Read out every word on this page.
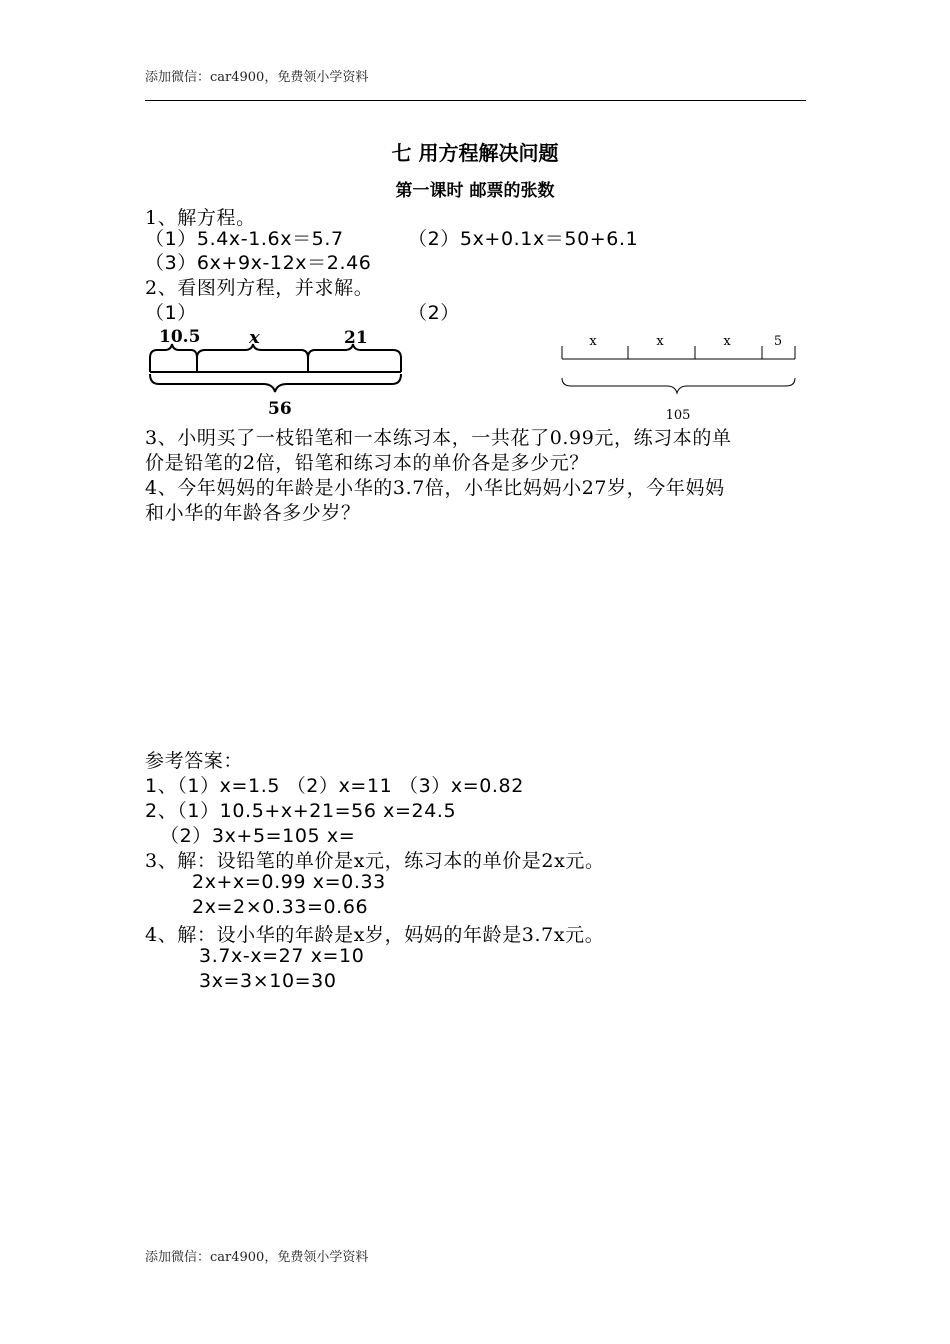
添加微信：car4900，免费领小学资料
七 用方程解决问题
第一课时 邮票的张数
1、解方程。
（1）5.4x-1.6x＝5.7	（2）5x+0.1x＝50+6.1
（3）6x+9x-12x＝2.46
2、看图列方程，并求解。
（1）	（2）
10.5	x	21
56
x	x	x	5
105
3、小明买了一枝铅笔和一本练习本，一共花了0.99元，练习本的单
价是铅笔的2倍，铅笔和练习本的单价各是多少元？
4、今年妈妈的年龄是小华的3.7倍，小华比妈妈小27岁，今年妈妈
和小华的年龄各多少岁？
参考答案：
1、（1）x=1.5 （2）x=11 （3）x=0.82
2、（1）10.5+x+21=56 x=24.5
（2）3x+5=105 x=
3、解：设铅笔的单价是x元，练习本的单价是2x元。
2x+x=0.99 x=0.33
2x=2×0.33=0.66
4、解：设小华的年龄是x岁，妈妈的年龄是3.7x元。
3.7x-x=27 x=10
3x=3×10=30
添加微信：car4900，免费领小学资料
